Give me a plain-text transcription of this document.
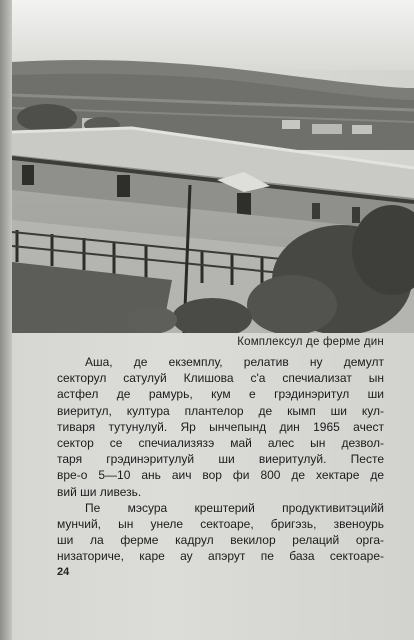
Комплексул де ферме дин
Аша, де екземплу, релатив ну демулт
секторул сатулуй Клишова с'а спечиализат ын
астфел де рамурь, кум е грэдинэритул ши
виеритул, култура плантелор де кымп ши кул-
тиваря тутунулуй. Яр ынчепынд дин 1965 ачест
сектор се спечиализязэ май алес ын дезвол-
таря грэдинэритулуй ши виеритулуй. Песте
вре-о 5—10 ань аич вор фи 800 де хектаре де
вий ши ливезь.
Пе мэсура крештерий продуктивитэцийй
мунчий, ын унеле сектоаре, бригэзь, звеноурь
ши ла ферме кадрул векилор релаций орга-
низаториче, каре ау апэрут пе база сектоаре-
24
